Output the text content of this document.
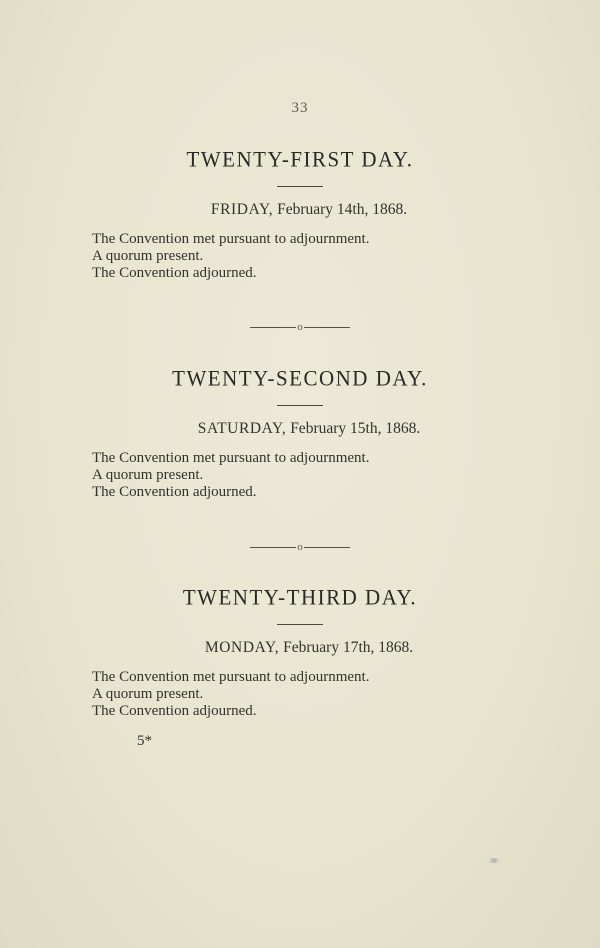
33
TWENTY-FIRST DAY.
FRIDAY, February 14th, 1868.
The Convention met pursuant to adjournment.
A quorum present.
The Convention adjourned.
o
TWENTY-SECOND DAY.
SATURDAY, February 15th, 1868.
The Convention met pursuant to adjournment.
A quorum present.
The Convention adjourned.
o
TWENTY-THIRD DAY.
MONDAY, February 17th, 1868.
The Convention met pursuant to adjournment.
A quorum present.
The Convention adjourned.
5*
